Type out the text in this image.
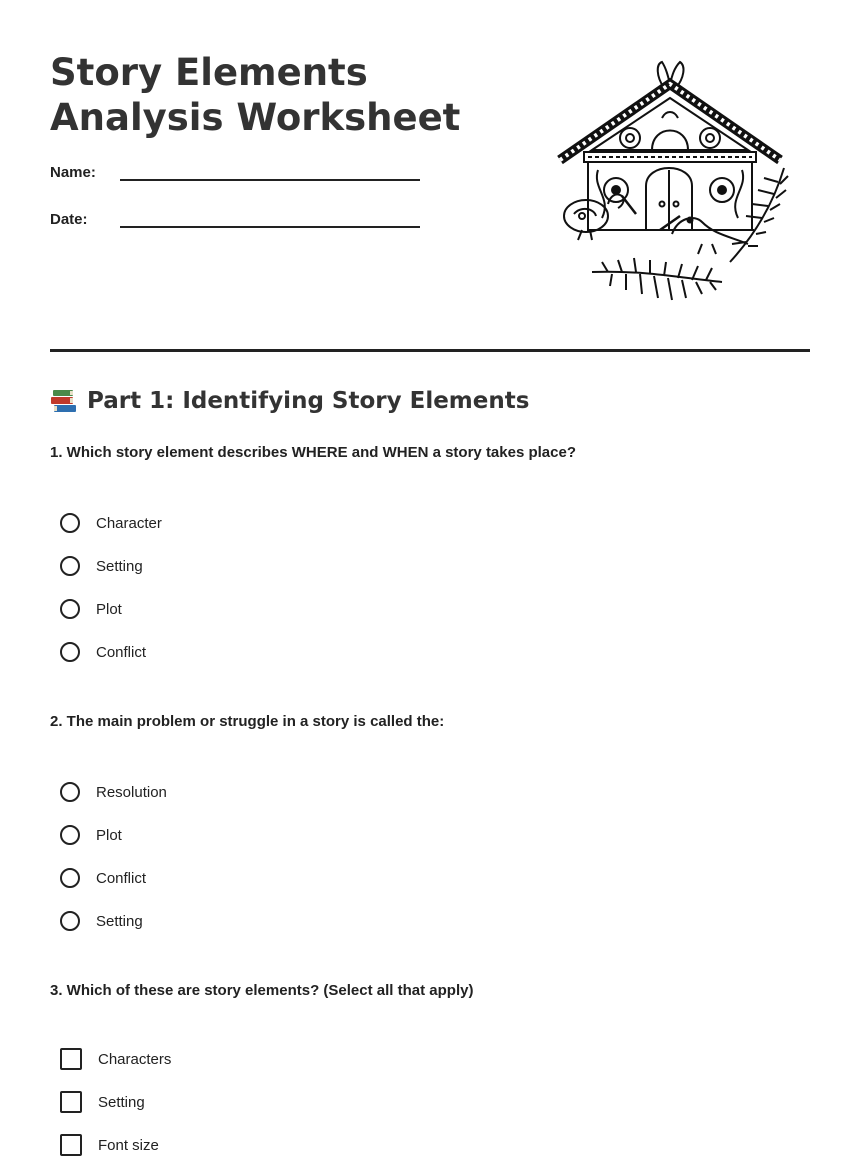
Story Elements Analysis Worksheet
Name:
Date:
Part 1: Identifying Story Elements

1. Which story element describes WHERE and WHEN a story takes place?

Character
Setting
Plot
Conflict

2. The main problem or struggle in a story is called the:

Resolution
Plot
Conflict
Setting

3. Which of these are story elements? (Select all that apply)

Characters
Setting
Font size
